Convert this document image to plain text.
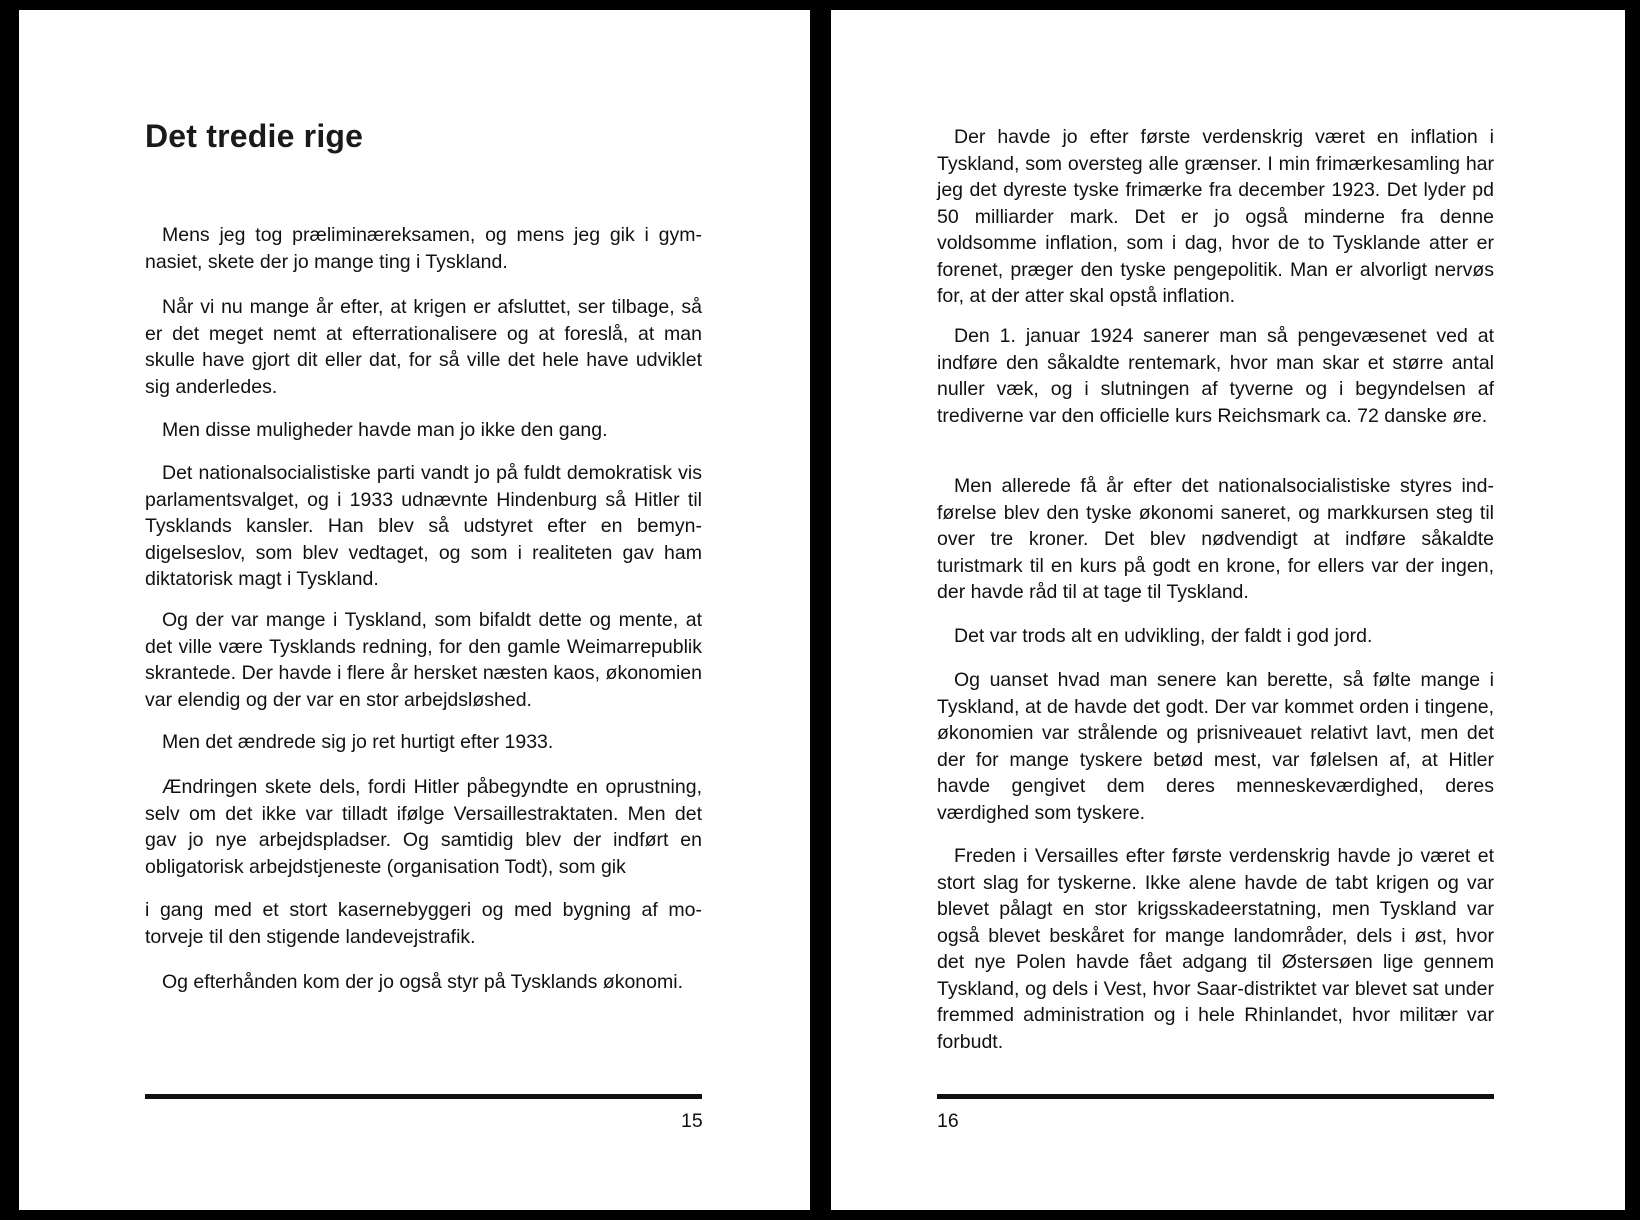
Det tredie rige

Mens jeg tog præliminæreksamen, og mens jeg gik i gymnasiet, skete der jo mange ting i Tyskland.

Når vi nu mange år efter, at krigen er afsluttet, ser tilbage, så er det meget nemt at efterrationalisere og at foreslå, at man skulle have gjort dit eller dat, for så ville det hele have udviklet sig anderledes.

Men disse muligheder havde man jo ikke den gang.

Det nationalsocialistiske parti vandt jo på fuldt demokratisk vis parlamentsvalget, og i 1933 udnævnte Hindenburg så Hitler til Tysklands kansler. Han blev så udstyret efter en bemyndigelseslov, som blev vedtaget, og som i realiteten gav ham diktatorisk magt i Tyskland.

Og der var mange i Tyskland, som bifaldt dette og mente, at det ville være Tysklands redning, for den gamle Weimarrepublik skrantede. Der havde i flere år hersket næsten kaos, økonomien var elendig og der var en stor arbejdsløshed.

Men det ændrede sig jo ret hurtigt efter 1933.

Ændringen skete dels, fordi Hitler påbegyndte en oprustning, selv om det ikke var tilladt ifølge Versaillestraktaten. Men det gav jo nye arbejdspladser. Og samtidig blev der indført en obligatorisk arbejdstjeneste (organisation Todt), som gik

i gang med et stort kasernebyggeri og med bygning af motorveje til den stigende landevejstrafik.

Og efterhånden kom der jo også styr på Tysklands økonomi.

15

Der havde jo efter første verdenskrig været en inflation i Tyskland, som oversteg alle grænser. I min frimærkesamling har jeg det dyreste tyske frimærke fra december 1923. Det lyder pd 50 milliarder mark. Det er jo også minderne fra denne voldsomme inflation, som i dag, hvor de to Tysklande atter er forenet, præger den tyske pengepolitik. Man er alvorligt nervøs for, at der atter skal opstå inflation.

Den 1. januar 1924 sanerer man så pengevæsenet ved at indføre den såkaldte rentemark, hvor man skar et større antal nuller væk, og i slutningen af tyverne og i begyndelsen af trediverne var den officielle kurs Reichsmark ca. 72 danske øre.

Men allerede få år efter det nationalsocialistiske styres indførelse blev den tyske økonomi saneret, og markkursen steg til over tre kroner. Det blev nødvendigt at indføre såkaldte turistmark til en kurs på godt en krone, for ellers var der ingen, der havde råd til at tage til Tyskland.

Det var trods alt en udvikling, der faldt i god jord.

Og uanset hvad man senere kan berette, så følte mange i Tyskland, at de havde det godt. Der var kommet orden i tingene, økonomien var strålende og prisniveauet relativt lavt, men det der for mange tyskere betød mest, var følelsen af, at Hitler havde gengivet dem deres menneskeværdighed, deres værdighed som tyskere.

Freden i Versailles efter første verdenskrig havde jo været et stort slag for tyskerne. Ikke alene havde de tabt krigen og var blevet pålagt en stor krigsskadeerstatning, men Tyskland var også blevet beskåret for mange landområder, dels i øst, hvor det nye Polen havde fået adgang til Østersøen lige gennem Tyskland, og dels i Vest, hvor Saar-distriktet var blevet sat under fremmed administration og i hele Rhinlandet, hvor militær var forbudt.

16
